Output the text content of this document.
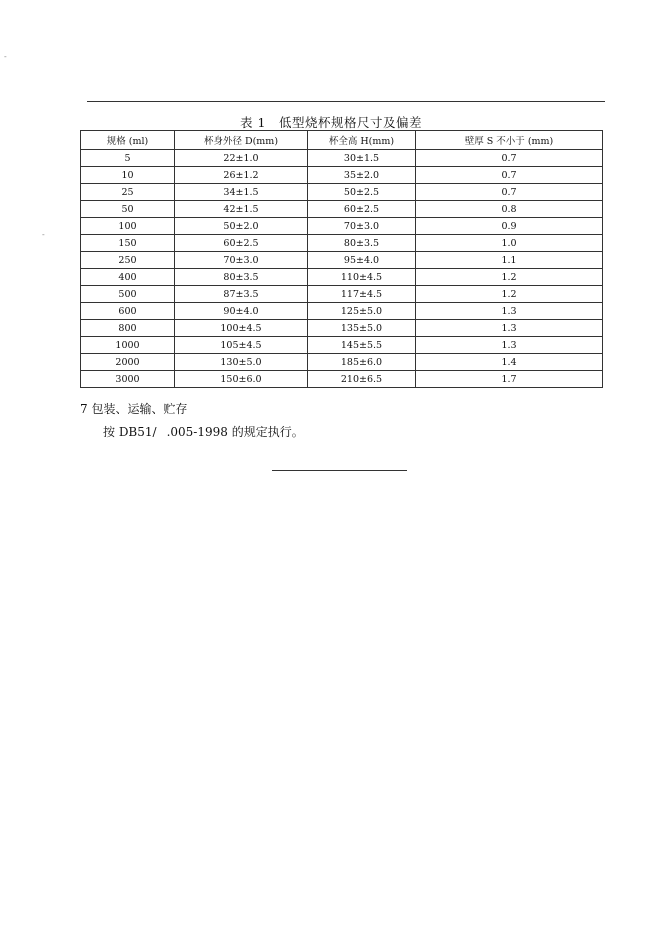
表 1　低型烧杯规格尺寸及偏差
规格 (ml)	杯身外径 D(mm)	杯全高 H(mm)	壁厚 S 不小于 (mm)
5	22±1.0	30±1.5	0.7
10	26±1.2	35±2.0	0.7
25	34±1.5	50±2.5	0.7
50	42±1.5	60±2.5	0.8
100	50±2.0	70±3.0	0.9
150	60±2.5	80±3.5	1.0
250	70±3.0	95±4.0	1.1
400	80±3.5	110±4.5	1.2
500	87±3.5	117±4.5	1.2
600	90±4.0	125±5.0	1.3
800	100±4.5	135±5.0	1.3
1000	105±4.5	145±5.5	1.3
2000	130±5.0	185±6.0	1.4
3000	150±6.0	210±6.5	1.7
7 包装、运输、贮存
按 DB51/ .005-1998 的规定执行。
-
-
